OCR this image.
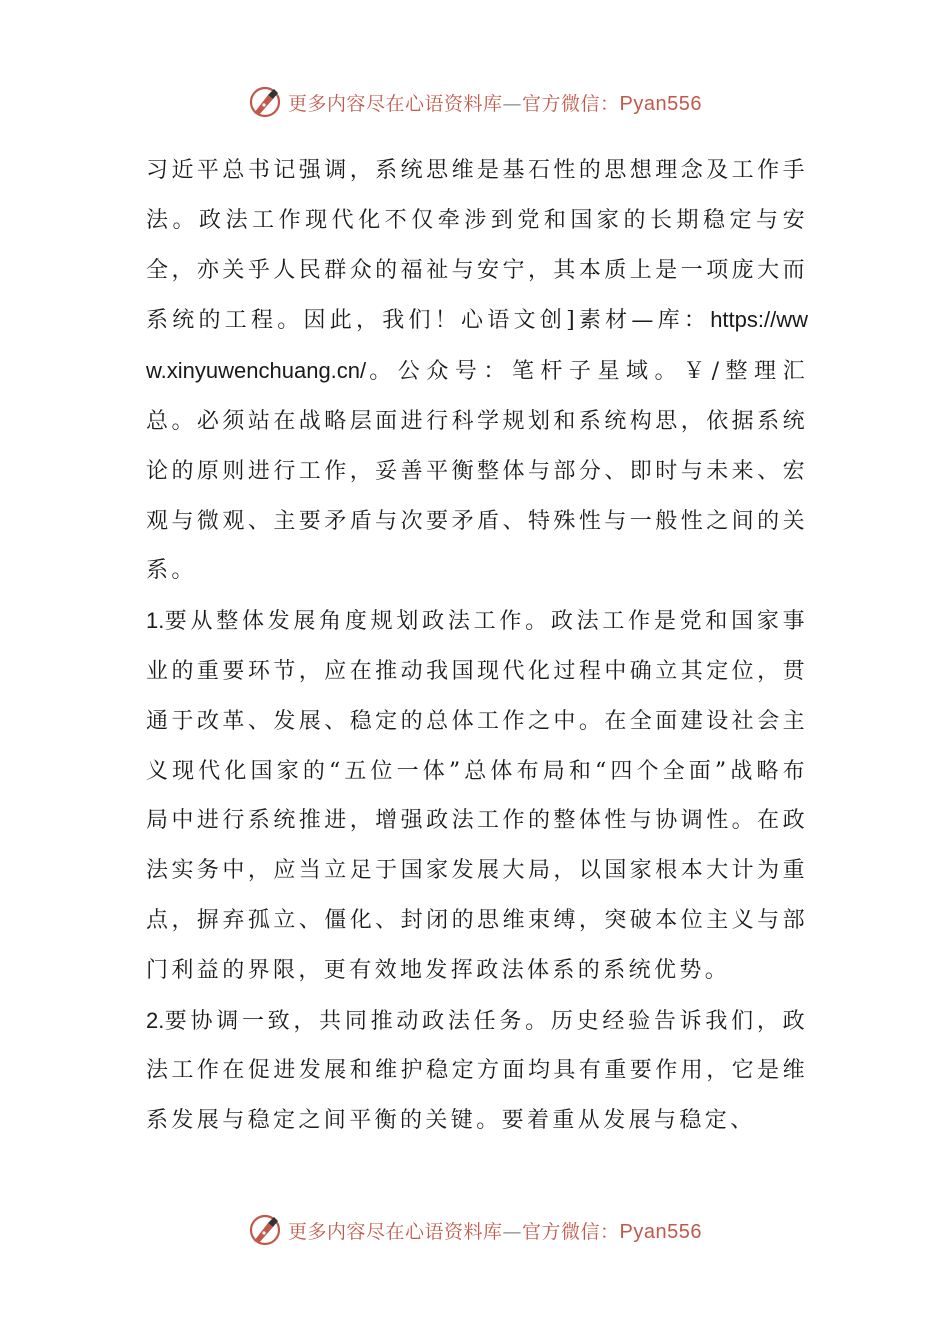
更多内容尽在心语资料库—官方微信：Pyan556

习近平总书记强调，系统思维是基石性的思想理念及工作手法。政法工作现代化不仅牵涉到党和国家的长期稳定与安全，亦关乎人民群众的福祉与安宁，其本质上是一项庞大而系统的工程。因此，我们！心语文创]素材—库：https://www.xinyuwenchuang.cn/。公众号：笔杆子星域。￥/整理汇总。必须站在战略层面进行科学规划和系统构思，依据系统论的原则进行工作，妥善平衡整体与部分、即时与未来、宏观与微观、主要矛盾与次要矛盾、特殊性与一般性之间的关系。

1.要从整体发展角度规划政法工作。政法工作是党和国家事业的重要环节，应在推动我国现代化过程中确立其定位，贯通于改革、发展、稳定的总体工作之中。在全面建设社会主义现代化国家的“五位一体”总体布局和“四个全面”战略布局中进行系统推进，增强政法工作的整体性与协调性。在政法实务中，应当立足于国家发展大局，以国家根本大计为重点，摒弃孤立、僵化、封闭的思维束缚，突破本位主义与部门利益的界限，更有效地发挥政法体系的系统优势。

2.要协调一致，共同推动政法任务。历史经验告诉我们，政法工作在促进发展和维护稳定方面均具有重要作用，它是维系发展与稳定之间平衡的关键。要着重从发展与稳定、

更多内容尽在心语资料库—官方微信：Pyan556
